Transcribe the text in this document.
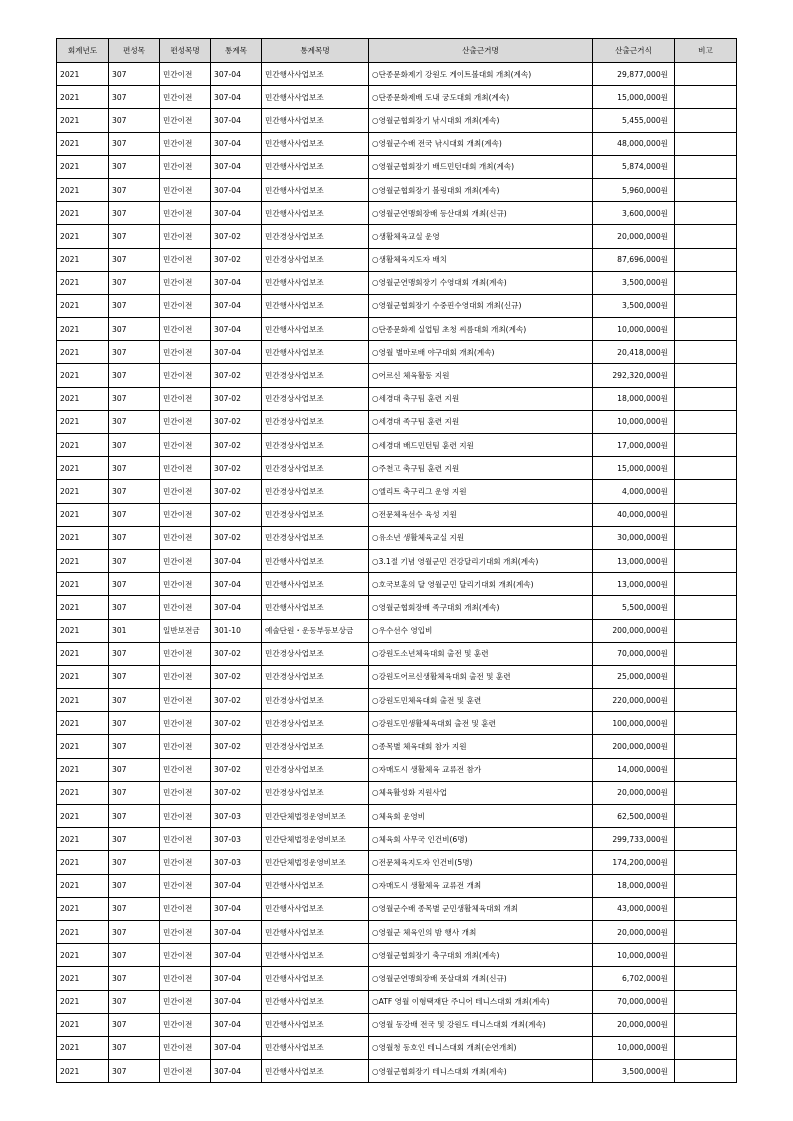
회계년도	편성목	편성목명	통계목	통계목명	산출근거명	산출근거식	비고
2021	307	민간이전	307-04	민간행사사업보조	○단종문화제기 강원도 게이트볼대회 개최(계속)	29,877,000원	
2021	307	민간이전	307-04	민간행사사업보조	○단종문화제배 도내 궁도대회 개최(계속)	15,000,000원	
2021	307	민간이전	307-04	민간행사사업보조	○영월군협회장기 낚시대회 개최(계속)	5,455,000원	
2021	307	민간이전	307-04	민간행사사업보조	○영월군수배 전국 낚시대회 개최(계속)	48,000,000원	
2021	307	민간이전	307-04	민간행사사업보조	○영월군협회장기 배드민턴대회 개최(계속)	5,874,000원	
2021	307	민간이전	307-04	민간행사사업보조	○영월군협회장기 볼링대회 개최(계속)	5,960,000원	
2021	307	민간이전	307-04	민간행사사업보조	○영월군연맹회장배 등산대회 개최(신규)	3,600,000원	
2021	307	민간이전	307-02	민간경상사업보조	○생활체육교실 운영	20,000,000원	
2021	307	민간이전	307-02	민간경상사업보조	○생활체육지도자 배치	87,696,000원	
2021	307	민간이전	307-04	민간행사사업보조	○영월군연맹회장기 수영대회 개최(계속)	3,500,000원	
2021	307	민간이전	307-04	민간행사사업보조	○영월군협회장기 수중핀수영대회 개최(신규)	3,500,000원	
2021	307	민간이전	307-04	민간행사사업보조	○단종문화제 실업팀 초청 씨름대회 개최(계속)	10,000,000원	
2021	307	민간이전	307-04	민간행사사업보조	○영월 별마로배 야구대회 개최(계속)	20,418,000원	
2021	307	민간이전	307-02	민간경상사업보조	○어르신 체육활동 지원	292,320,000원	
2021	307	민간이전	307-02	민간경상사업보조	○세경대 축구팀 훈련 지원	18,000,000원	
2021	307	민간이전	307-02	민간경상사업보조	○세경대 족구팀 훈련 지원	10,000,000원	
2021	307	민간이전	307-02	민간경상사업보조	○세경대 배드민턴팀 훈련 지원	17,000,000원	
2021	307	민간이전	307-02	민간경상사업보조	○주천고 축구팀 훈련 지원	15,000,000원	
2021	307	민간이전	307-02	민간경상사업보조	○엘리트 축구리그 운영 지원	4,000,000원	
2021	307	민간이전	307-02	민간경상사업보조	○전문체육선수 육성 지원	40,000,000원	
2021	307	민간이전	307-02	민간경상사업보조	○유소년 생활체육교실 지원	30,000,000원	
2021	307	민간이전	307-04	민간행사사업보조	○3.1절 기념 영월군민 건강달리기대회 개최(계속)	13,000,000원	
2021	307	민간이전	307-04	민간행사사업보조	○호국보훈의 달 영월군민 달리기대회 개최(계속)	13,000,000원	
2021	307	민간이전	307-04	민간행사사업보조	○영월군협회장배 족구대회 개최(계속)	5,500,000원	
2021	301	일반보전금	301-10	예술단원・운동부등보상금	○우수선수 영입비	200,000,000원	
2021	307	민간이전	307-02	민간경상사업보조	○강원도소년체육대회 출전 및 훈련	70,000,000원	
2021	307	민간이전	307-02	민간경상사업보조	○강원도어르신생활체육대회 출전 및 훈련	25,000,000원	
2021	307	민간이전	307-02	민간경상사업보조	○강원도민체육대회 출전 및 훈련	220,000,000원	
2021	307	민간이전	307-02	민간경상사업보조	○강원도민생활체육대회 출전 및 훈련	100,000,000원	
2021	307	민간이전	307-02	민간경상사업보조	○종목별 체육대회 참가 지원	200,000,000원	
2021	307	민간이전	307-02	민간경상사업보조	○자매도시 생활체육 교류전 참가	14,000,000원	
2021	307	민간이전	307-02	민간경상사업보조	○체육활성화 지원사업	20,000,000원	
2021	307	민간이전	307-03	민간단체법정운영비보조	○체육회 운영비	62,500,000원	
2021	307	민간이전	307-03	민간단체법정운영비보조	○체육회 사무국 인건비(6명)	299,733,000원	
2021	307	민간이전	307-03	민간단체법정운영비보조	○전문체육지도자 인건비(5명)	174,200,000원	
2021	307	민간이전	307-04	민간행사사업보조	○자매도시 생활체육 교류전 개최	18,000,000원	
2021	307	민간이전	307-04	민간행사사업보조	○영월군수배 종목별 군민생활체육대회 개최	43,000,000원	
2021	307	민간이전	307-04	민간행사사업보조	○영월군 체육인의 밤 행사 개최	20,000,000원	
2021	307	민간이전	307-04	민간행사사업보조	○영월군협회장기 축구대회 개최(계속)	10,000,000원	
2021	307	민간이전	307-04	민간행사사업보조	○영월군연맹회장배 풋살대회 개최(신규)	6,702,000원	
2021	307	민간이전	307-04	민간행사사업보조	○ATF 영월 이형택재단 주니어 테니스대회 개최(계속)	70,000,000원	
2021	307	민간이전	307-04	민간행사사업보조	○영월 동강배 전국 및 강원도 테니스대회 개최(계속)	20,000,000원	
2021	307	민간이전	307-04	민간행사사업보조	○영월청 동호인 테니스대회 개최(순연개최)	10,000,000원	
2021	307	민간이전	307-04	민간행사사업보조	○영월군협회장기 테니스대회 개최(계속)	3,500,000원	
